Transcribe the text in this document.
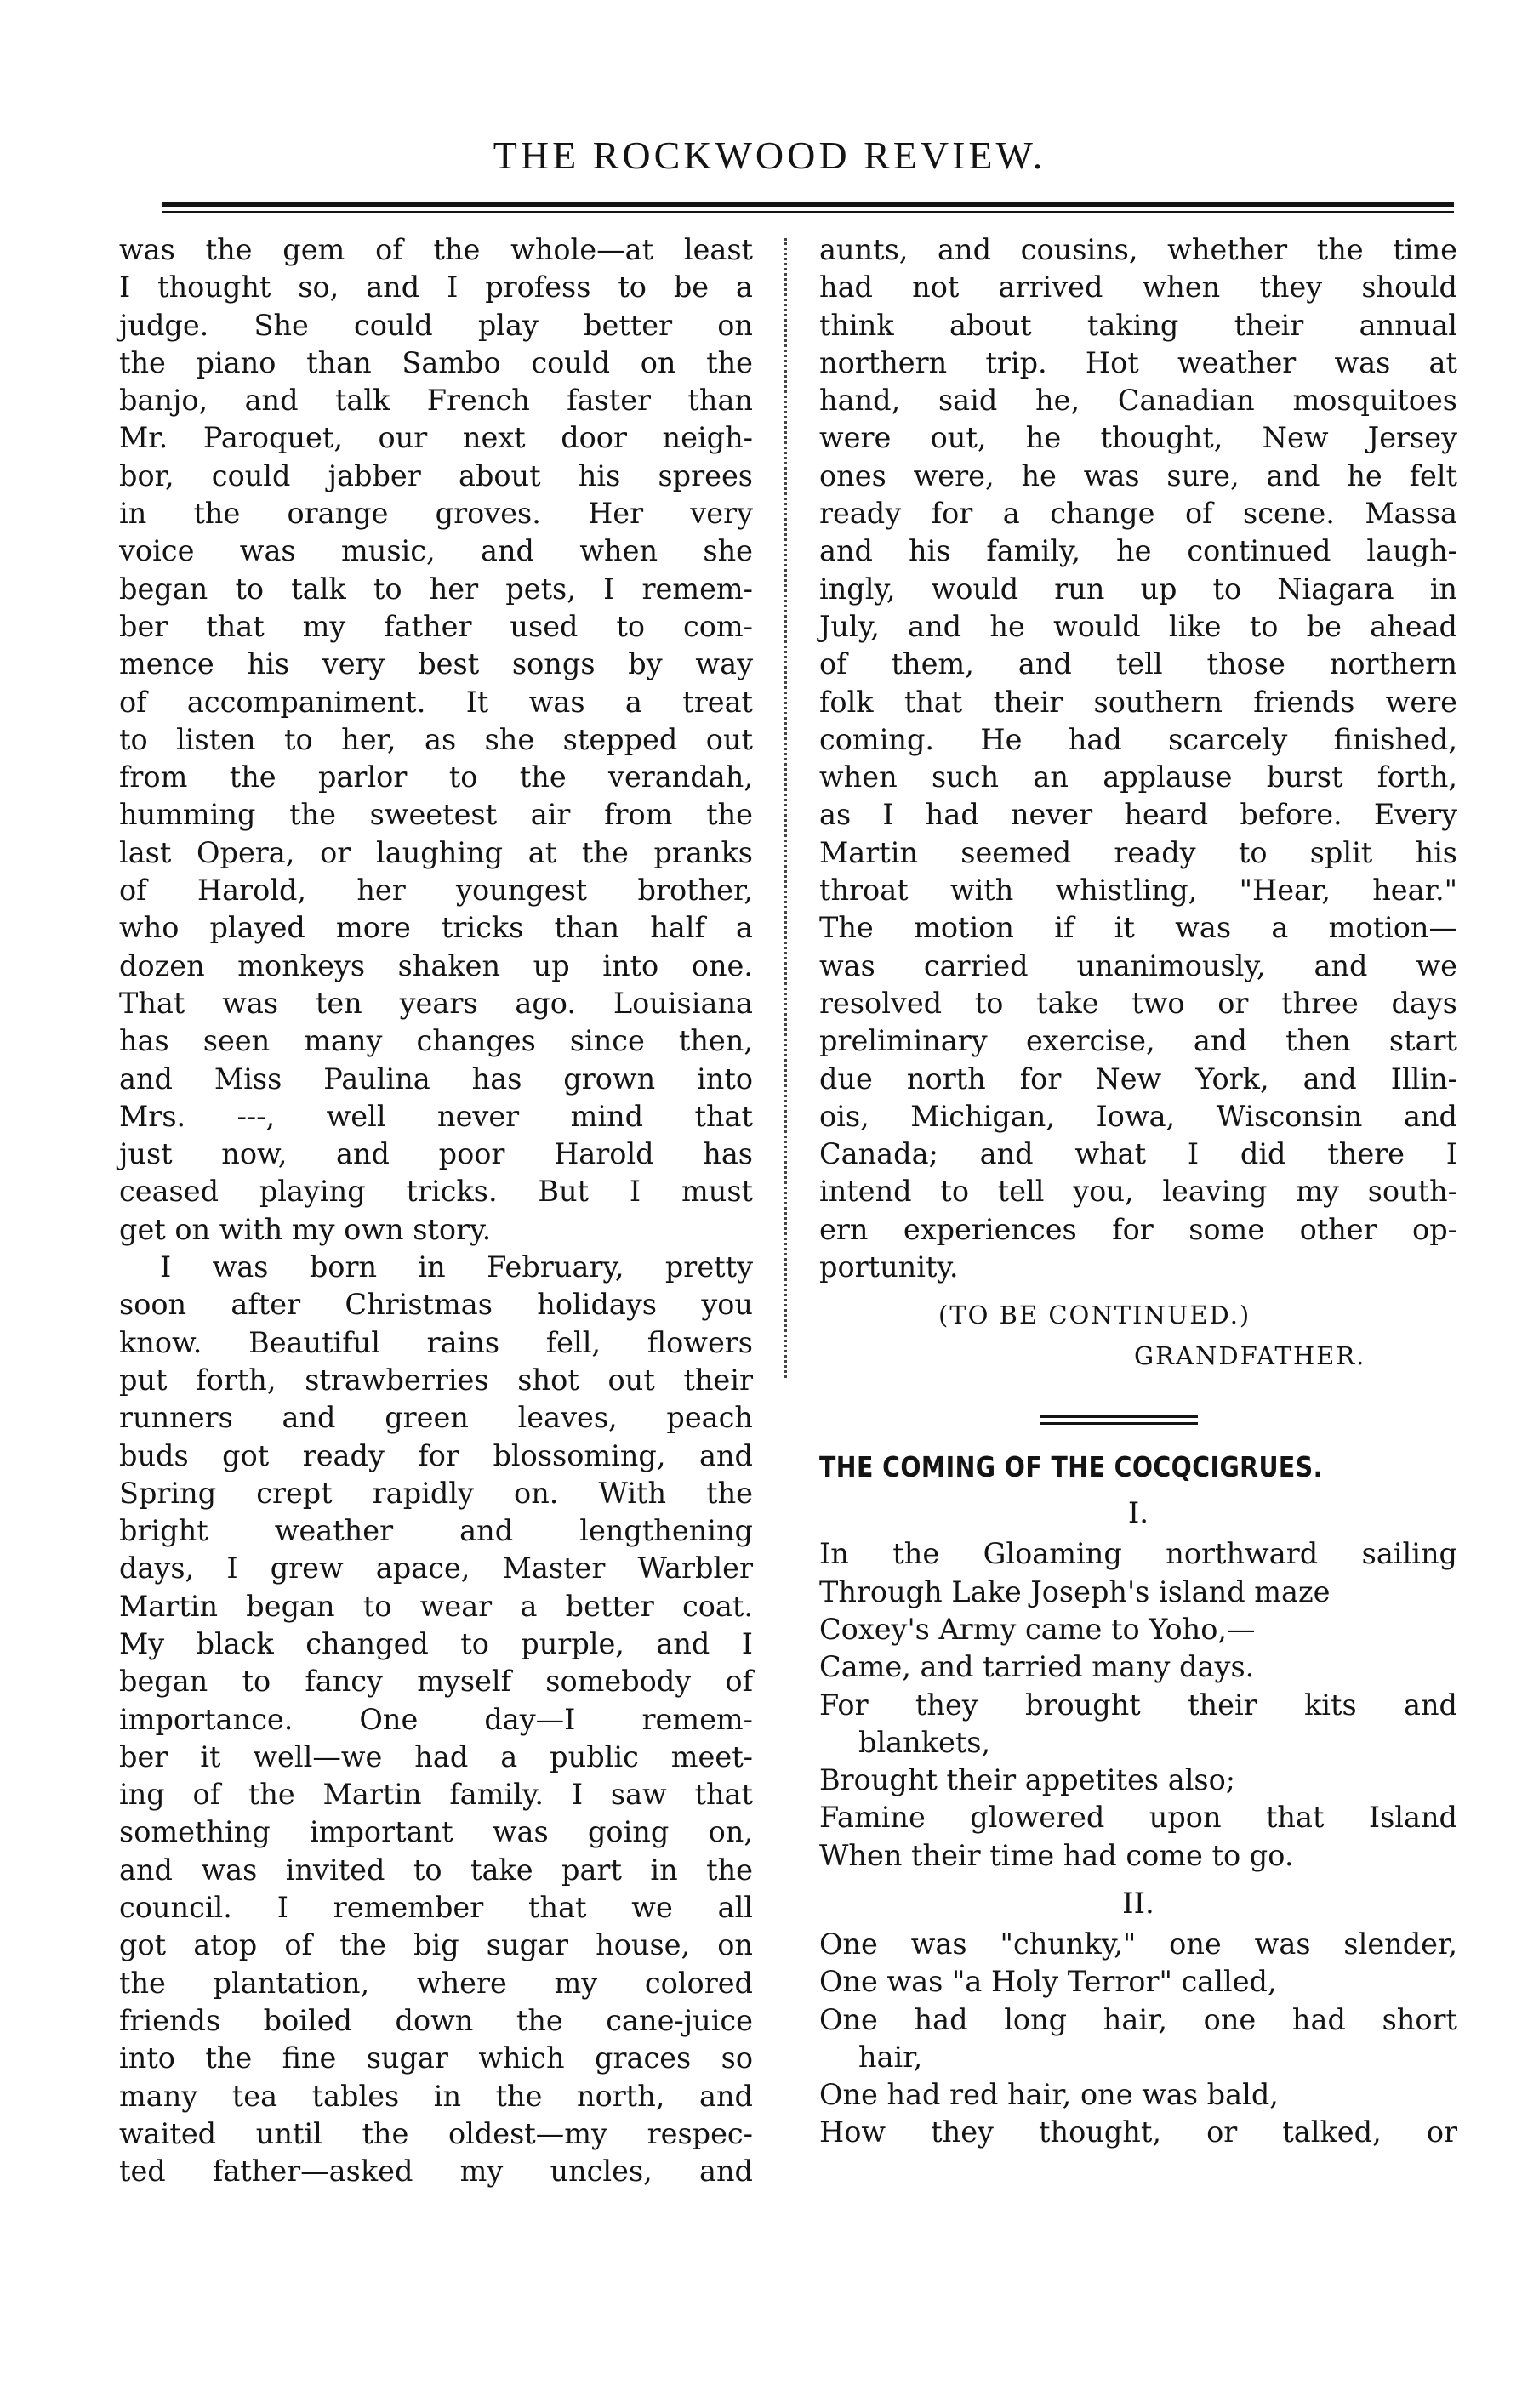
THE ROCKWOOD REVIEW.
was the gem of the whole—at least
I thought so, and I profess to be a
judge. She could play better on
the piano than Sambo could on the
banjo, and talk French faster than
Mr. Paroquet, our next door neigh-
bor, could jabber about his sprees
in the orange groves. Her very
voice was music, and when she
began to talk to her pets, I remem-
ber that my father used to com-
mence his very best songs by way
of accompaniment. It was a treat
to listen to her, as she stepped out
from the parlor to the verandah,
humming the sweetest air from the
last Opera, or laughing at the pranks
of Harold, her youngest brother,
who played more tricks than half a
dozen monkeys shaken up into one.
That was ten years ago. Louisiana
has seen many changes since then,
and Miss Paulina has grown into
Mrs. ---, well never mind that
just now, and poor Harold has
ceased playing tricks. But I must
get on with my own story.
I was born in February, pretty
soon after Christmas holidays you
know. Beautiful rains fell, flowers
put forth, strawberries shot out their
runners and green leaves, peach
buds got ready for blossoming, and
Spring crept rapidly on. With the
bright weather and lengthening
days, I grew apace, Master Warbler
Martin began to wear a better coat.
My black changed to purple, and I
began to fancy myself somebody of
importance. One day—I remem-
ber it well—we had a public meet-
ing of the Martin family. I saw that
something important was going on,
and was invited to take part in the
council. I remember that we all
got atop of the big sugar house, on
the plantation, where my colored
friends boiled down the cane-juice
into the fine sugar which graces so
many tea tables in the north, and
waited until the oldest—my respec-
ted father—asked my uncles, and
aunts, and cousins, whether the time
had not arrived when they should
think about taking their annual
northern trip. Hot weather was at
hand, said he, Canadian mosquitoes
were out, he thought, New Jersey
ones were, he was sure, and he felt
ready for a change of scene. Massa
and his family, he continued laugh-
ingly, would run up to Niagara in
July, and he would like to be ahead
of them, and tell those northern
folk that their southern friends were
coming. He had scarcely finished,
when such an applause burst forth,
as I had never heard before. Every
Martin seemed ready to split his
throat with whistling, "Hear, hear."
The motion if it was a motion—
was carried unanimously, and we
resolved to take two or three days
preliminary exercise, and then start
due north for New York, and Illin-
ois, Michigan, Iowa, Wisconsin and
Canada; and what I did there I
intend to tell you, leaving my south-
ern experiences for some other op-
portunity.
(TO BE CONTINUED.)
GRANDFATHER.
THE COMING OF THE COCQCIGRUES.
I.
In the Gloaming northward sailing
Through Lake Joseph's island maze
Coxey's Army came to Yoho,—
Came, and tarried many days.
For they brought their kits and
blankets,
Brought their appetites also;
Famine glowered upon that Island
When their time had come to go.
II.
One was "chunky," one was slender,
One was "a Holy Terror" called,
One had long hair, one had short
hair,
One had red hair, one was bald,
How they thought, or talked, or
